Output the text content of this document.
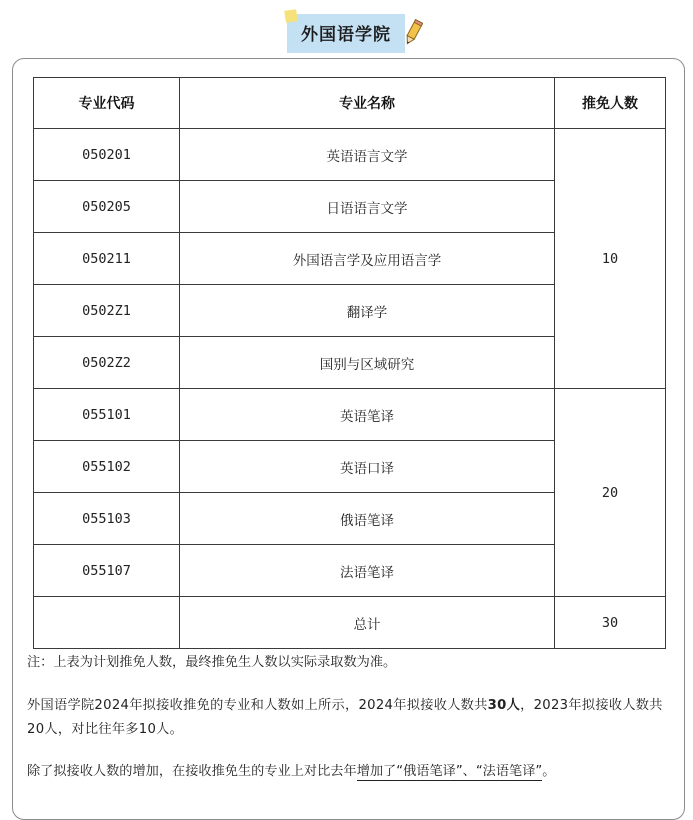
外国语学院
专业代码	专业名称	推免人数
050201	英语语言文学	10
050205	日语语言文学	
050211	外国语言学及应用语言学	
0502Z1	翻译学	
0502Z2	国别与区域研究	
055101	英语笔译	20
055102	英语口译	
055103	俄语笔译	
055107	法语笔译	
	总计	30

注：上表为计划推免人数，最终推免生人数以实际录取数为准。

外国语学院2024年拟接收推免的专业和人数如上所示，2024年拟接收人数共30人，2023年拟接收人数共20人，对比往年多10人。

除了拟接收人数的增加，在接收推免生的专业上对比去年增加了“俄语笔译”、“法语笔译”。
